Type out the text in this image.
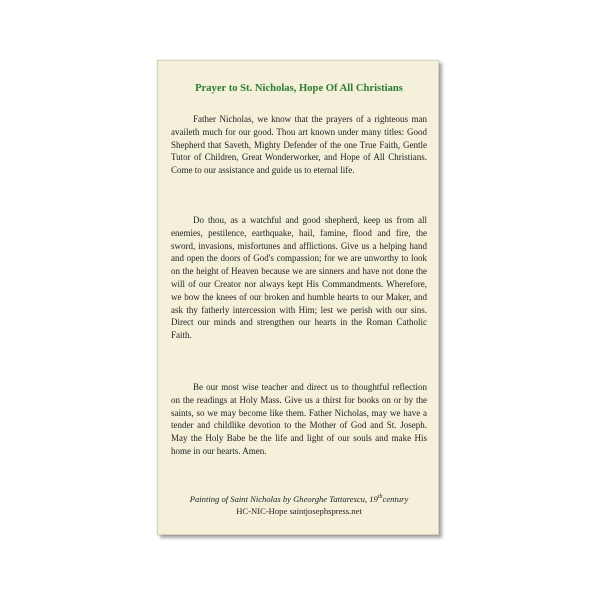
Prayer to St. Nicholas, Hope Of All Christians

Father Nicholas, we know that the prayers of a righteous man availeth much for our good. Thou art known under many titles: Good Shepherd that Saveth, Mighty Defender of the one True Faith, Gentle Tutor of Children, Great Wonderworker, and Hope of All Christians. Come to our assistance and guide us to eternal life.

Do thou, as a watchful and good shepherd, keep us from all enemies, pestilence, earthquake, hail, famine, flood and fire, the sword, invasions, misfortunes and afflictions. Give us a helping hand and open the doors of God's compassion; for we are unworthy to look on the height of Heaven because we are sinners and have not done the will of our Creator nor always kept His Commandments. Wherefore, we bow the knees of our broken and humble hearts to our Maker, and ask thy fatherly intercession with Him; lest we perish with our sins. Direct our minds and strengthen our hearts in the Roman Catholic Faith.

Be our most wise teacher and direct us to thoughtful reflection on the readings at Holy Mass. Give us a thirst for books on or by the saints, so we may become like them. Father Nicholas, may we have a tender and childlike devotion to the Mother of God and St. Joseph. May the Holy Babe be the life and light of our souls and make His home in our hearts. Amen.

Painting of Saint Nicholas by Gheorghe Tattarescu, 19thcentury
HC-NIC-Hope saintjosephspress.net
